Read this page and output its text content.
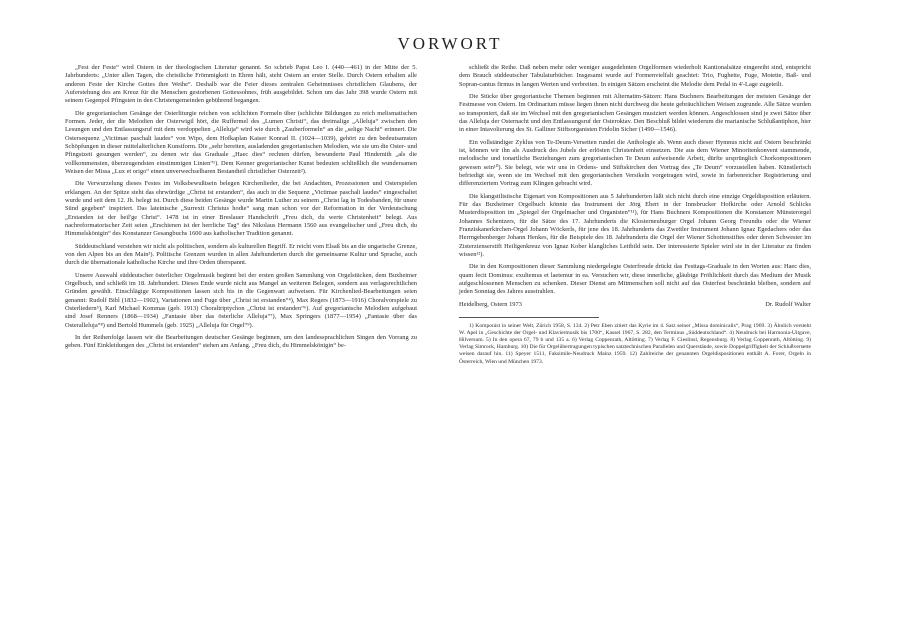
VORWORT

„Fest der Feste“ wird Ostern in der theologischen Literatur genannt. So schrieb Papst Leo I. (440—461) in der Mitte der 5. Jahrhunderts: „Unter allen Tagen, die christliche Frömmigkeit in Ehren hält, steht Ostern an erster Stelle. Durch Ostern erhalten alle anderen Feste der Kirche Gottes ihre Weihe“. Deshalb war die Feier dieses zentralen Geheimnisses christlichen Glaubens, der Auferstehung des am Kreuz für die Menschen gestorbenen Gottessohnes, früh ausgebildet. Schon um das Jahr 398 wurde Ostern mit seinem Gegenpol Pfingsten in den Christengemeinden gebührend begangen.

Die gregorianischen Gesänge der Osterliturgie reichen von schlichten Formeln über (schlichte Bildungen zu reich melismatischen Formen. Jeder, der die Melodien der Osterwigil hört, die Ruffermel des „Lumen Christi“, das dreimalige „Alleluja“ zwischen den Lesungen und den Entlassungsruf mit dem verdoppelten „Alleluja“ wird wie durch „Zauberformeln“ an die „selige Nacht“ erinnert. Die Ostersequenz „Victimae paschali laudes“ von Wipo, dem Hofkaplan Kaiser Konrad II. (1024—1039), gehört zu den bedeutsamsten Schöpfungen in dieser mittelalterlichen Kunstform. Die „sehr bereiten, ausladenden gregorianischen Melodien, wie sie um die Oster- und Pfingstzeit gesungen werden“, zu denen wir das Graduale „Haec dies“ rechnen dürfen, bewunderte Paul Hindemith „als die vollkommensten, überzeugendsten einstimmigen Linien“¹). Dem Kenner gregorianischer Kunst bedeuten schließlich die wundersamen Weisen der Missa „Lux et origo“ einen unverwechselbaren Bestandteil christlicher Osterzeit²).

Die Verwurzelung dieses Festes im Volksbewußtsein belegen Kirchenlieder, die bei Andachten, Prozessionen und Osterspielen erklangen. An der Spitze steht das ehrwürdige „Christ ist erstanden“, das auch in die Sequenz „Victimae paschali laudes“ eingeschaltet wurde und seit dem 12. Jh. belegt ist. Durch diese beiden Gesänge wurde Martin Luther zu seinem „Christ lag in Todesbanden, für unsre Sünd gegeben“ inspiriert. Das lateinische „Surrexit Christus hodie“ sang man schon vor der Reformation in der Verdeutschung „Erstanden ist der heil'ge Christ“. 1478 ist in einer Breslauer Handschrift „Freu dich, du werte Christenheit“ belegt. Aus nachreformatorischer Zeit seien „Erschienen ist der herrliche Tag“ des Nikolaus Hermann 1560 aus evangelischer und „Freu dich, du Himmelskönigin“ des Konstanzer Gesangbuchs 1600 aus katholischer Tradition genannt.

Süddeutschland verstehen wir nicht als politischen, sondern als kulturellen Begriff. Er reicht vom Elsaß bis an die ungarische Grenze, von den Alpen bis an den Main³). Politische Grenzen wurden in allen Jahrhunderten durch die gemeinsame Kultur und Sprache, auch durch die übernationale katholische Kirche und ihre Orden überspannt.

Unsere Auswahl süddeutscher österlicher Orgelmusik beginnt bei der ersten großen Sammlung von Orgelstücken, dem Buxheimer Orgelbuch, und schließt im 18. Jahrhundert. Dieses Ende wurde nicht aus Mangel an weiteren Belegen, sondern aus verlagsrechtlichen Gründen gewählt. Einschlägige Kompositionen lassen sich bis in die Gegenwart aufweisen. Für Kirchenlied-Bearbeitungen seien genannt: Rudolf Bibl (1832—1902), Variationen und Fuge über „Christ ist erstanden“⁴), Max Regers (1873—1916) Choralvorspiele zu Osterliedern⁵), Karl Michael Kommas (geb. 1913) Choraltriptychon „Christ ist erstanden“⁶). Auf gregorianische Melodien aufgebaut sind Josef Renners (1868—1934) „Fantasie über das österliche Alleluja“⁷), Max Springers (1877—1954) „Fantasie über das Osteralleluja“⁸) und Bertold Hummels (geb. 1925) „Alleluja für Orgel“⁹).

In der Reihenfolge lassen wir die Bearbeitungen deutscher Gesänge beginnen, um den landessprachlichen Singen den Vorrang zu geben. Fünf Einkleidungen des „Christ ist erstanden“ stehen am Anfang. „Freu dich, du Himmelskönigin“ be-

schließt die Reihe. Daß neben mehr oder weniger ausgedehnten Orgelformen wiederholt Kantionalsätze eingereiht sind, entspricht dem Brauch süddeutscher Tabulaturbücher. Insgesamt wurde auf Formenvielfalt geachtet: Trio, Fughette, Fuge, Motette, Baß- und Sopran-cantus firmus in langen Werten und verbreiten. In einigen Sätzen erscheint die Melodie dem Pedal in 4'-Lage zugeteilt.

Die Stücke über gregorianische Themen beginnen mit Alternatim-Sätzen: Hans Buchners Bearbeitungen der meisten Gesänge der Festmesse von Ostern. Im Ordinarium müsse liegen ihnen nicht durchweg die heute gebräuchlichen Weisen zugrunde. Alle Sätze wurden so transponiert, daß sie im Wechsel mit den gregorianischen Gesängen musiziert werden können. Angeschlossen sind je zwei Sätze über das Alleluja der Osternacht und den Entlassungsruf der Osteroktav. Den Beschluß bildet wiederum die marianische Schlußantiphon, hier in einer Intavolierung des St. Galliner Stiftsorganisten Fridolin Sicher (1490—1546).

Ein vollständiger Zyklus von Te-Deum-Versetten rundet die Anthologie ab. Wenn auch dieser Hymnus nicht auf Ostern beschränkt ist, können wir ihn als Ausdruck des Jubels der erlösten Christenheit einsetzen. Die aus dem Wiener Minoritenkonvent stammende, melodische und tonartliche Beziehungen zum gregorianischen Te Deum aufweisende Arbeit, dürfte ursprünglich Chorkompositionen gewesen sein¹⁰). Sie belegt, wie wir uns in Ordens- und Stiftskirchen den Vortrag des „Te Deum“ vorzustellen haben. Künstlerisch befriedigt sie, wenn sie im Wechsel mit den gregorianischen Versikeln vorgetragen wird, sowie in farbenreicher Registrierung und differenziertem Vortrag zum Klingen gebracht wird.

Die klangstilistische Eigenart von Kompositionen aus 5 Jahrhunderten läßt sich nicht durch eine einzige Orgeldisposition erläutern. Für das Buxheimer Orgelbuch könnte das Instrument der Jörg Ebert in der Innsbrucker Hofkirche oder Arnold Schlicks Musterdisposition im „Spiegel der Orgelmacher und Organisten“¹¹), für Hans Buchners Kompositionen die Konstanzer Münsterorgel Johannes Schentzers, für die Sätze des 17. Jahrhunderts die Klosterneuburger Orgel Johann Georg Freundts oder die Wiener Franziskanerkirchen-Orgel Johann Wöckerls, für jene des 18. Jahrhunderts das Zwettler Instrument Johann Ignaz Egedachers oder das Herrngebenberger Johann Henkes, für die Beispiele des 18. Jahrhunderts die Orgel der Wiener Schottenstiftes oder deren Schwester im Zisterzienserstift Heiligenkreuz von Ignaz Kober klangliches Leitbild sein. Der interessierte Spieler wird sie in der Literatur zu finden wissen¹²).

Die in den Kompositionen dieser Sammlung niedergelegte Osterfreude drückt das Festtags-Graduale in den Worten aus: Haec dies, quam fecit Dominus: exultemus et laetemur in ea. Versuchen wir, diese innerliche, gläubige Fröhlichkeit durch das Medium der Musik aufgeschlossenen Menschen zu schenken. Dieser Dienst am Mitmenschen soll nicht auf das Osterfest beschränkt bleiben, sondern auf jeden Sonntag des Jahres ausstrahlen.

Heidelberg, Ostern 1973	Dr. Rudolf Walter

1) Komponist in seiner Welt, Zürich 1958, S. 134. 2) Petr Eben zitiert das Kyrie im 4. Satz seiner „Missa dominicalis“, Prag 1969. 3) Ähnlich versteht W. Apel in „Geschichte der Orgel- und Klaviermusik bis 1700“, Kassel 1967, S. 282, den Terminus „Süddeutschland“. 4) Neudruck bei Harmonia-Uitgave, Hilversum. 5) In den opera 67, 79 b und 135 a. 6) Verlag Coppenrath, Altötting. 7) Verlag F. Cieslinsl, Regensburg. 8) Verlag Coppenrath, Altötting. 9) Verlag Simrock, Hamburg. 10) Die für Orgelübertragungen typischen satztechnischen Parallelen und Querstände, sowie Doppelgriffigkeit der Schlußversette weisen darauf hin. 11) Speyer 1511, Faksimile-Neudruck Mainz 1959. 12) Zahlreiche der genannten Orgeldispositionen enthält A. Forer, Orgeln in Österreich, Wien und München 1973.
